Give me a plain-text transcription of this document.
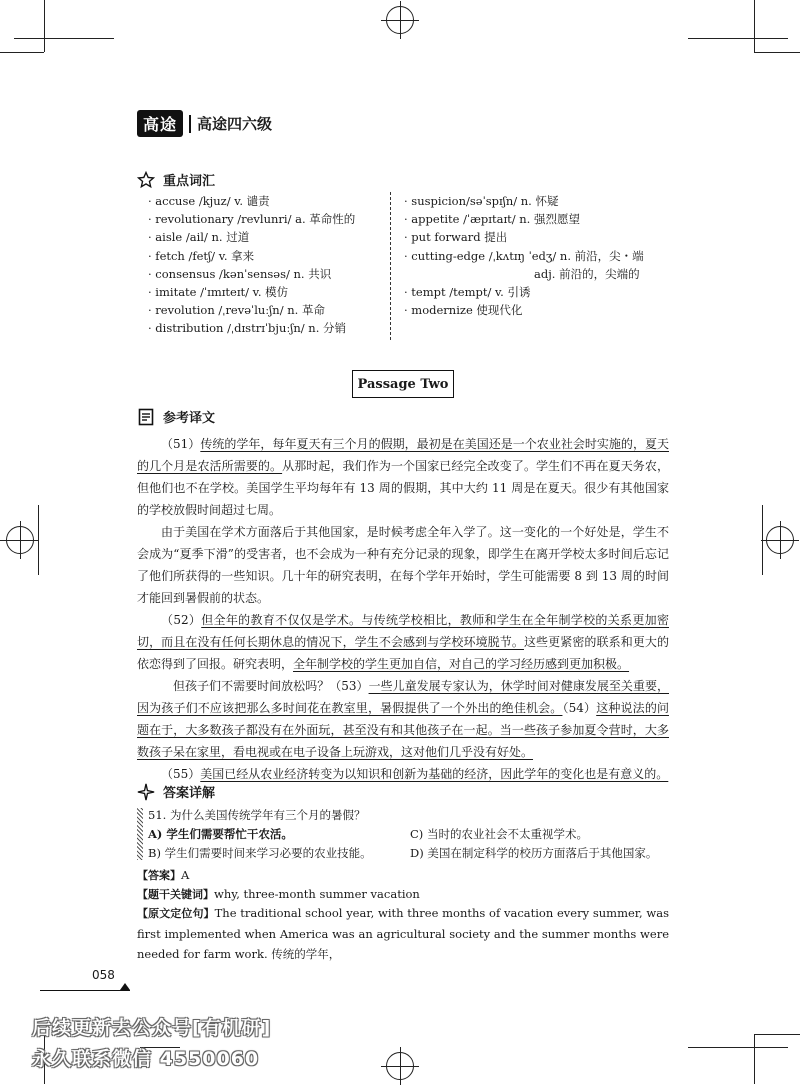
高途	高途四六级
重点词汇
· accuse /kjuz/ v. 谴责
· revolutionary /revlunri/ a. 革命性的
· aisle /ail/ n. 过道
· fetch /fetʃ/ v. 拿来
· consensus /kənˈsensəs/ n. 共识
· imitate /ˈɪmɪteɪt/ v. 模仿
· revolution /ˌrevəˈluːʃn/ n. 革命
· distribution /ˌdɪstrɪˈbjuːʃn/ n. 分销
· suspicion/səˈspɪʃn/ n. 怀疑
· appetite /ˈæpɪtaɪt/ n. 强烈愿望
· put forward 提出
· cutting-edge /ˌkʌtɪŋ ˈedʒ/ n. 前沿，尖・端
adj. 前沿的，尖端的
· tempt /tempt/ v. 引诱
· modernize 使现代化
Passage Two
参考译文

（51）传统的学年，每年夏天有三个月的假期，最初是在美国还是一个农业社会时实施的，夏天的几个月是农活所需要的。从那时起，我们作为一个国家已经完全改变了。学生们不再在夏天务农，但他们也不在学校。美国学生平均每年有 13 周的假期，其中大约 11 周是在夏天。很少有其他国家的学校放假时间超过七周。

由于美国在学术方面落后于其他国家，是时候考虑全年入学了。这一变化的一个好处是，学生不会成为“夏季下滑”的受害者，也不会成为一种有充分记录的现象，即学生在离开学校太多时间后忘记了他们所获得的一些知识。几十年的研究表明，在每个学年开始时，学生可能需要 8 到 13 周的时间才能回到暑假前的状态。

（52）但全年的教育不仅仅是学术。与传统学校相比，教师和学生在全年制学校的关系更加密切，而且在没有任何长期休息的情况下，学生不会感到与学校环境脱节。这些更紧密的联系和更大的依恋得到了回报。研究表明，全年制学校的学生更加自信，对自己的学习经历感到更加积极。

但孩子们不需要时间放松吗？（53）一些儿童发展专家认为，休学时间对健康发展至关重要，因为孩子们不应该把那么多时间花在教室里，暑假提供了一个外出的绝佳机会。（54）这种说法的问题在于，大多数孩子都没有在外面玩，甚至没有和其他孩子在一起。当一些孩子参加夏令营时，大多数孩子呆在家里，看电视或在电子设备上玩游戏，这对他们几乎没有好处。

（55）美国已经从农业经济转变为以知识和创新为基础的经济，因此学年的变化也是有意义的。

答案详解
51. 为什么美国传统学年有三个月的暑假？
A) 学生们需要帮忙干农活。
B) 学生们需要时间来学习必要的农业技能。
C) 当时的农业社会不太重视学术。
D) 美国在制定科学的校历方面落后于其他国家。
【答案】A
【题干关键词】why, three-month summer vacation
【原文定位句】The traditional school year, with three months of vacation every summer, was first implemented when America was an agricultural society and the summer months were needed for farm work. 传统的学年，
058
后续更新去公众号[有机研]
永久联系微信 4550060
